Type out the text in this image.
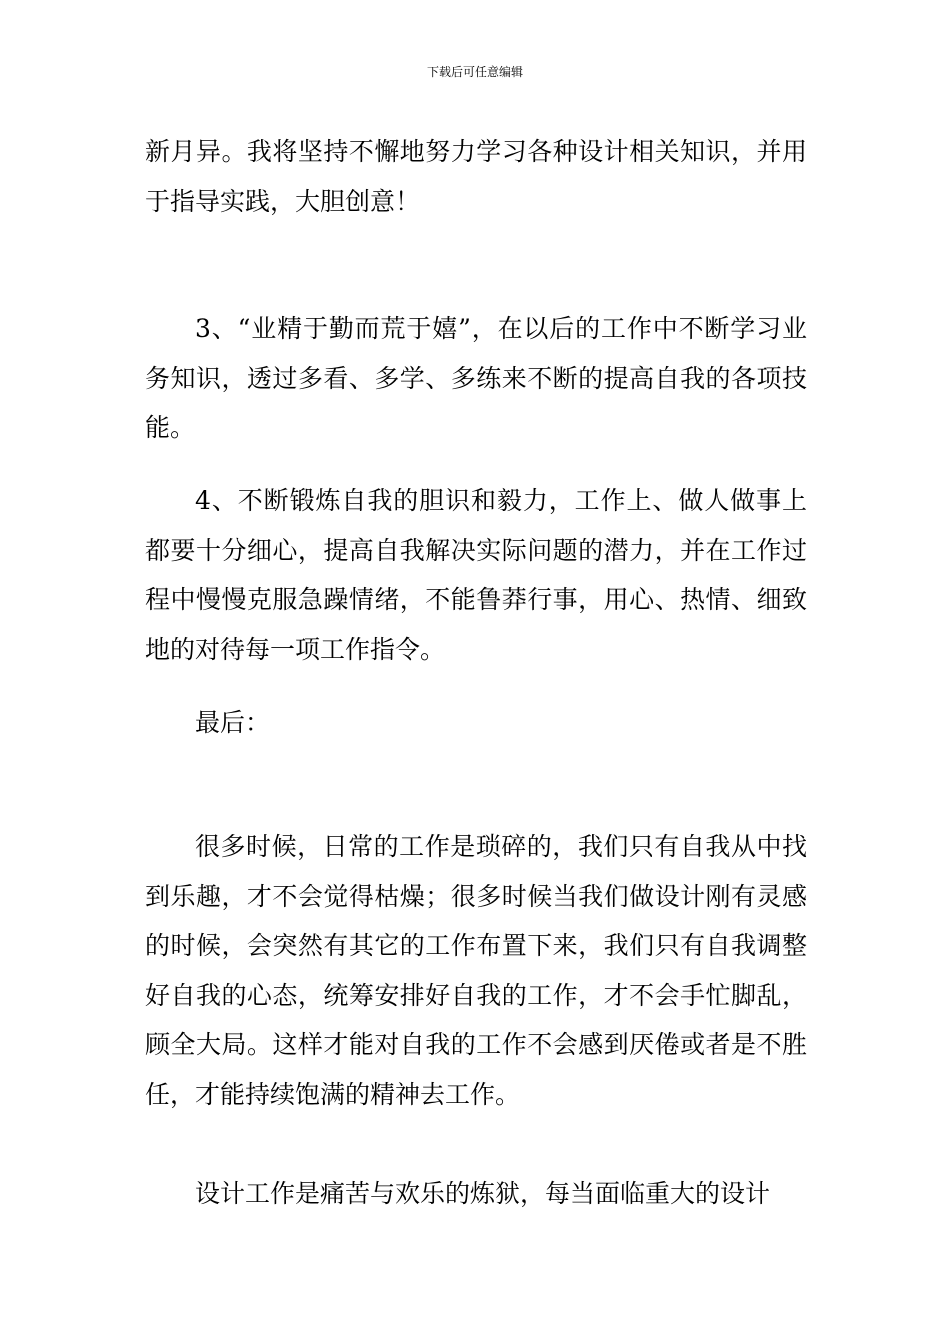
下载后可任意编辑

新月异。我将坚持不懈地努力学习各种设计相关知识，并用于指导实践，大胆创意！

3、“业精于勤而荒于嬉”，在以后的工作中不断学习业务知识，透过多看、多学、多练来不断的提高自我的各项技能。

4、不断锻炼自我的胆识和毅力，工作上、做人做事上都要十分细心，提高自我解决实际问题的潜力，并在工作过程中慢慢克服急躁情绪，不能鲁莽行事，用心、热情、细致地的对待每一项工作指令。

最后：

很多时候，日常的工作是琐碎的，我们只有自我从中找到乐趣，才不会觉得枯燥；很多时候当我们做设计刚有灵感的时候，会突然有其它的工作布置下来，我们只有自我调整好自我的心态，统筹安排好自我的工作，才不会手忙脚乱，顾全大局。这样才能对自我的工作不会感到厌倦或者是不胜任，才能持续饱满的精神去工作。

设计工作是痛苦与欢乐的炼狱，每当面临重大的设计
